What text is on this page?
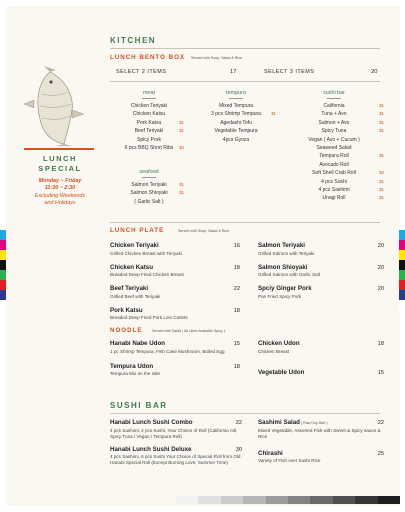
KITCHEN
LUNCH BENTO BOX Served with Soup, Salad & Rice
SELECT 2 ITEMS	17	SELECT 3 ITEMS	20
meat
Chicken Teriyaki
Chicken Katsu
Pork Katsu	$1
Beef Teriyaki	$1
Spicy Pork
6 pcs BBQ Short Ribs $4
tempura
Mixed Tempura
3 pcs Shrimp Tempura $1
Agedashi Tofu
Vegetable Tempura
4pcs Gyoza
sushi bar
California	$1
Tuna + Avo	$1
Salmon + Avo	$1
Spicy Tuna	$1
Vegan ( Avo + Cucum )
Seaweed Salad
Tempura Roll	$1
Avocado Roll
Soft Shell Crab Roll	$2
4 pcs Sushi	$1
4 pcs Sashimi	$1
Unagi Roll	$1
seafood
Salmon Teriyaki	$1
Salmon Shioyaki	$1
( Garlic Salt )
LUNCH
SPECIAL
Monday ~ Friday
11:30 ~ 2:30
Excluding Weekends
and Holidays
LUNCH PLATE	Served with Soup, Salad & Rice
Chicken Teriyaki	16
Grilled Chicken Breast with Teriyaki
Chicken Katsu	18
Breaded Deep Fried Chicken Breast
Beef Teriyaki	22
Grilled Beef with Teriyaki
Pork Katsu	18
Breaded Deep Fried Pork Loin Cutlets
Salmon Teriyaki	20
Grilled Salmon with Teriyaki
Salmon Shioyaki	20
Grilled Salmon with Garlic Salt
Spciy Ginger Pork	20
Pan Fried Spicy Pork
NOODLE	Served with Salad ( All Udon Available Spicy )
Hanabi Nabe Udon	15
1 pc Shrimp Tempura, Fish Cake Mushroom, Boiled Egg
Tempura Udon	18
Tempura Mix on the side
Chicken Udon	18
Chicken Breast
Vegetable Udon	15
SUSHI BAR
Hanabi Lunch Sushi Combo	22
4 pcs Sashimi, 4 pcs Sushi, Your Choice of Roll (California roll, Spicy Tuna / Vegan / Tempura Roll)
Hanabi Lunch Sushi Deluxe	30
4 pcs Sashimi, 6 pcs Sushi Your Choice of Special Roll from Old Hanabi Special Roll (Except Burning Love, Summer Time)
Sashimi Salad ( Raw Dup Bab )	22
Mixed Vegetable, Assorted Fish with Sweet & Spicy sauce & Rice
Chirashi	25
Variety of Fish over Sushi Rice
